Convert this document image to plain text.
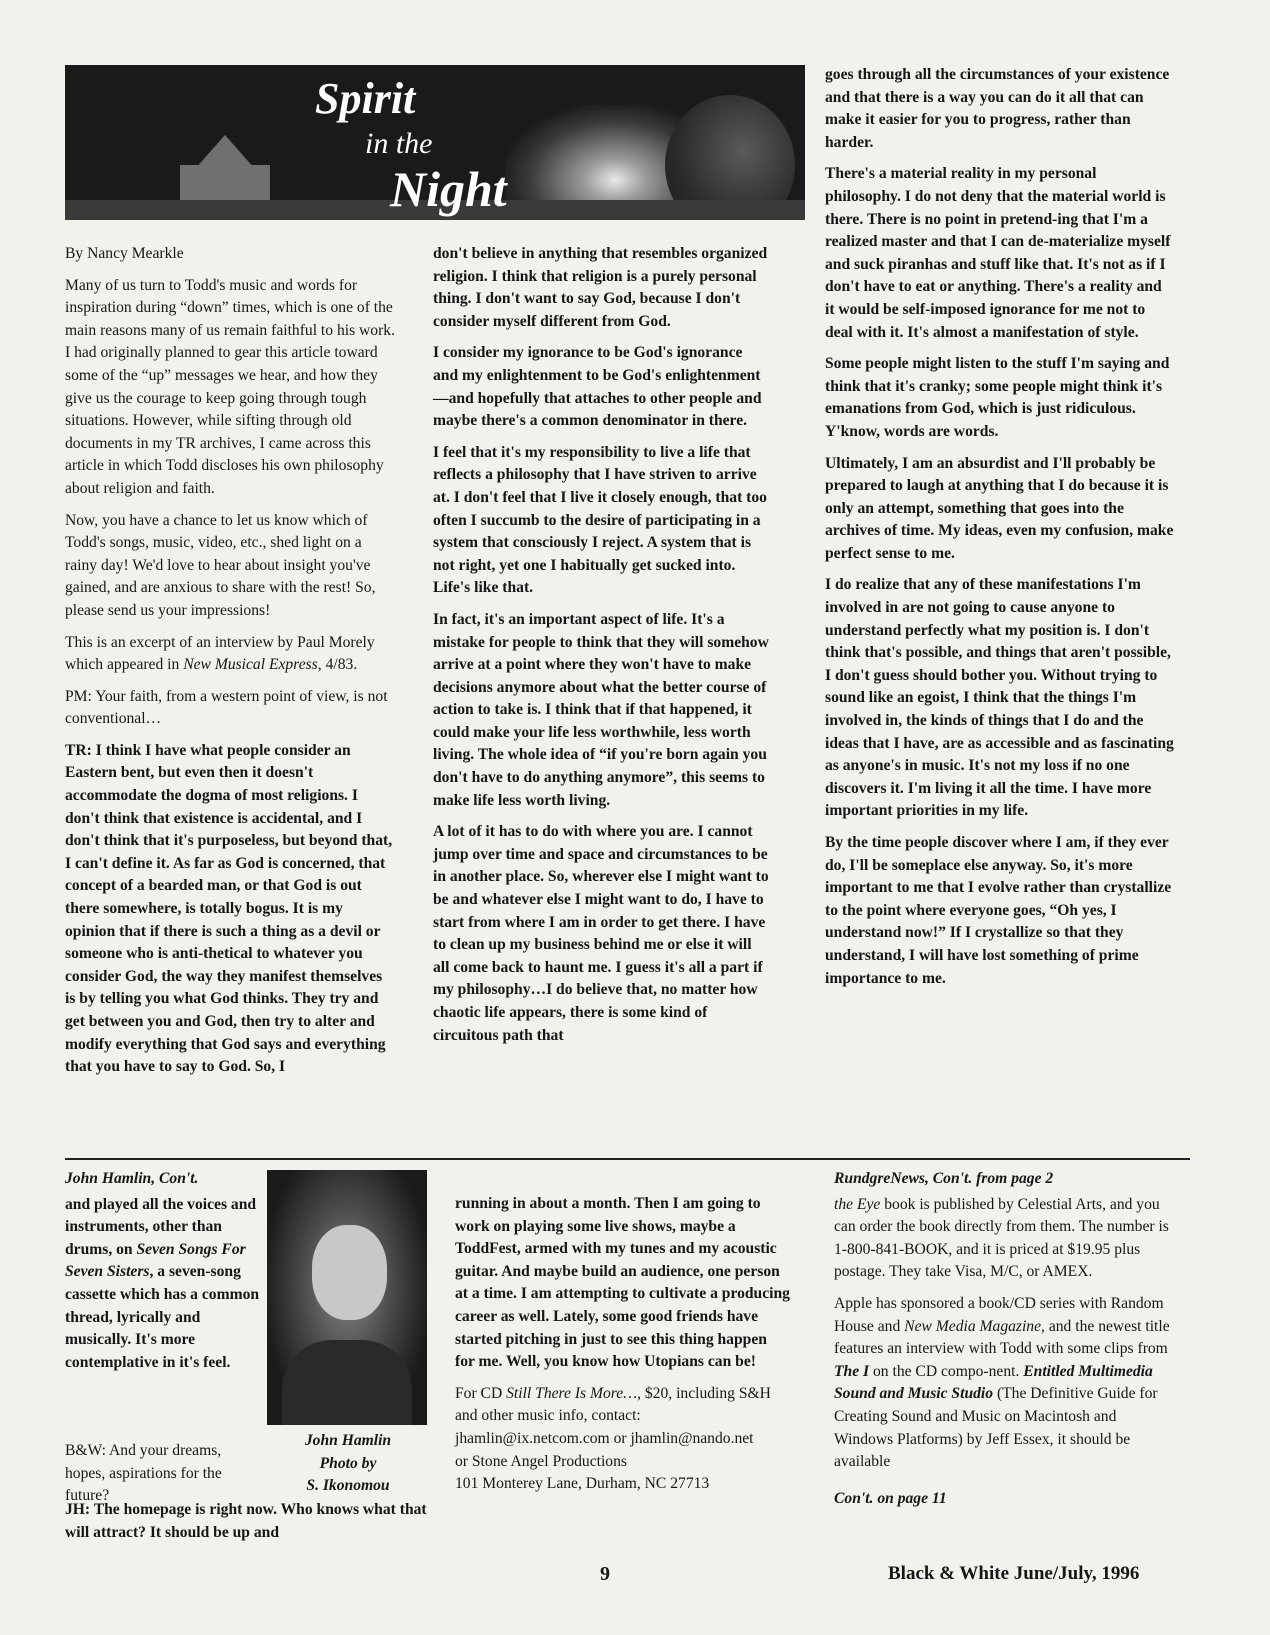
Spirit
in the
Night

By Nancy Mearkle

Many of us turn to Todd's music and words for inspiration during “down” times, which is one of the main reasons many of us remain faithful to his work. I had originally planned to gear this article toward some of the “up” messages we hear, and how they give us the courage to keep going through tough situations. However, while sifting through old documents in my TR archives, I came across this article in which Todd discloses his own philosophy about religion and faith.

Now, you have a chance to let us know which of Todd's songs, music, video, etc., shed light on a rainy day! We'd love to hear about insight you've gained, and are anxious to share with the rest! So, please send us your impressions!

This is an excerpt of an interview by Paul Morely which appeared in New Musical Express, 4/83.

PM: Your faith, from a western point of view, is not conventional…

TR: I think I have what people consider an Eastern bent, but even then it doesn't accommodate the dogma of most religions. I don't think that existence is accidental, and I don't think that it's purposeless, but beyond that, I can't define it. As far as God is concerned, that concept of a bearded man, or that God is out there somewhere, is totally bogus. It is my opinion that if there is such a thing as a devil or someone who is anti-thetical to whatever you consider God, the way they manifest themselves is by telling you what God thinks. They try and get between you and God, then try to alter and modify everything that God says and everything that you have to say to God. So, I

don't believe in anything that resembles organized religion. I think that religion is a purely personal thing. I don't want to say God, because I don't consider myself different from God.

I consider my ignorance to be God's ignorance and my enlightenment to be God's enlightenment—and hopefully that attaches to other people and maybe there's a common denominator in there.

I feel that it's my responsibility to live a life that reflects a philosophy that I have striven to arrive at. I don't feel that I live it closely enough, that too often I succumb to the desire of participating in a system that consciously I reject. A system that is not right, yet one I habitually get sucked into. Life's like that.

In fact, it's an important aspect of life. It's a mistake for people to think that they will somehow arrive at a point where they won't have to make decisions anymore about what the better course of action to take is. I think that if that happened, it could make your life less worthwhile, less worth living. The whole idea of “if you're born again you don't have to do anything anymore”, this seems to make life less worth living.

A lot of it has to do with where you are. I cannot jump over time and space and circumstances to be in another place. So, wherever else I might want to be and whatever else I might want to do, I have to start from where I am in order to get there. I have to clean up my business behind me or else it will all come back to haunt me. I guess it's all a part if my philosophy…I do believe that, no matter how chaotic life appears, there is some kind of circuitous path that

goes through all the circumstances of your existence and that there is a way you can do it all that can make it easier for you to progress, rather than harder.

There's a material reality in my personal philosophy. I do not deny that the material world is there. There is no point in pretend-ing that I'm a realized master and that I can de-materialize myself and suck piranhas and stuff like that. It's not as if I don't have to eat or anything. There's a reality and it would be self-imposed ignorance for me not to deal with it. It's almost a manifestation of style.

Some people might listen to the stuff I'm saying and think that it's cranky; some people might think it's emanations from God, which is just ridiculous. Y'know, words are words.

Ultimately, I am an absurdist and I'll probably be prepared to laugh at anything that I do because it is only an attempt, something that goes into the archives of time. My ideas, even my confusion, make perfect sense to me.

I do realize that any of these manifestations I'm involved in are not going to cause anyone to understand perfectly what my position is. I don't think that's possible, and things that aren't possible, I don't guess should bother you. Without trying to sound like an egoist, I think that the things I'm involved in, the kinds of things that I do and the ideas that I have, are as accessible and as fascinating as anyone's in music. It's not my loss if no one discovers it. I'm living it all the time. I have more important priorities in my life.

By the time people discover where I am, if they ever do, I'll be someplace else anyway. So, it's more important to me that I evolve rather than crystallize to the point where everyone goes, “Oh yes, I understand now!” If I crystallize so that they understand, I will have lost something of prime importance to me.

John Hamlin, Con't.

and played all the voices and instruments, other than drums, on Seven Songs For Seven Sisters, a seven-song cassette which has a common thread, lyrically and musically. It's more contemplative in it's feel.

John Hamlin
Photo by
S. Ikonomou

B&W: And your dreams, hopes, aspirations for the future?

JH: The homepage is right now. Who knows what that will attract? It should be up and

running in about a month. Then I am going to work on playing some live shows, maybe a ToddFest, armed with my tunes and my acoustic guitar. And maybe build an audience, one person at a time. I am attempting to cultivate a producing career as well. Lately, some good friends have started pitching in just to see this thing happen for me. Well, you know how Utopians can be!

For CD Still There Is More…, $20, including S&H and other music info, contact:

jhamlin@ix.netcom.com or jhamlin@nando.net

or Stone Angel Productions

101 Monterey Lane, Durham, NC 27713

RundgreNews, Con't. from page 2

the Eye book is published by Celestial Arts, and you can order the book directly from them. The number is
1-800-841-BOOK, and it is priced at $19.95 plus postage. They take Visa, M/C, or AMEX.

Apple has sponsored a book/CD series with Random House and New Media Magazine, and the newest title features an interview with Todd with some clips from The I on the CD compo-nent. Entitled Multimedia Sound and Music Studio (The Definitive Guide for Creating Sound and Music on Macintosh and Windows Platforms) by Jeff Essex, it should be available

Con't. on page 11

9	Black & White June/July, 1996
